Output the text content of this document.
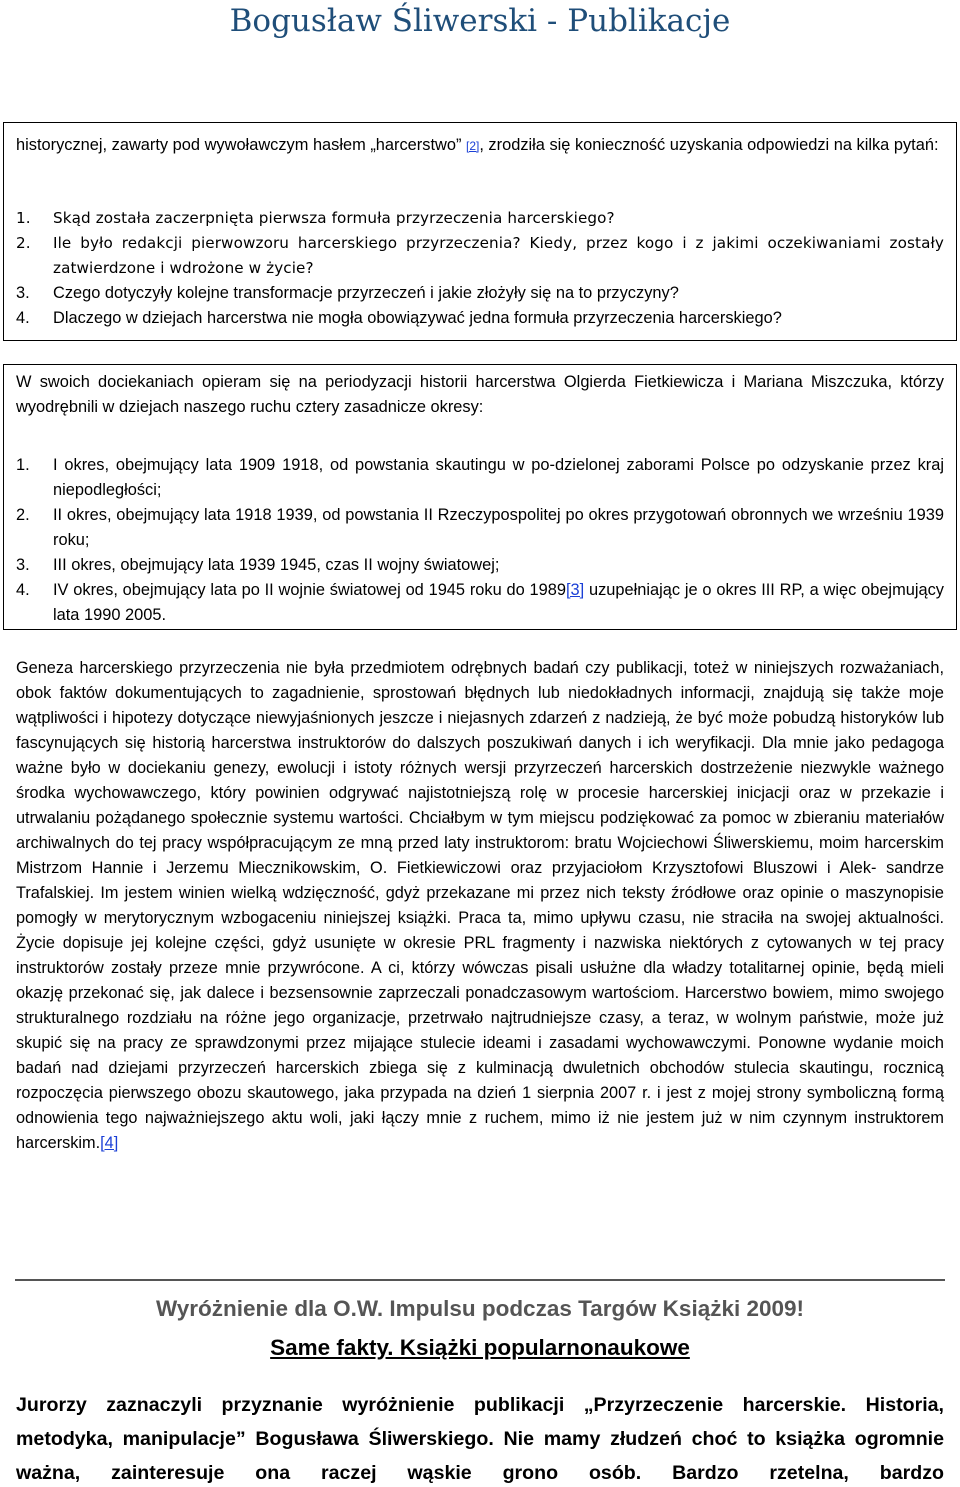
Bogusław Śliwerski - Publikacje
historycznej, zawarty pod wywoławczym hasłem „harcerstwo” [2], zrodziła się konieczność uzyskania odpowiedzi na kilka pytań:
1. Skąd została zaczerpnięta pierwsza formuła przyrzeczenia harcerskiego?
2. Ile było redakcji pierwowzoru harcerskiego przyrzeczenia? Kiedy, przez kogo i z jakimi oczekiwaniami zostały zatwierdzone i wdrożone w życie?
3. Czego dotyczyły kolejne transformacje przyrzeczeń i jakie złożyły się na to przyczyny?
4. Dlaczego w dziejach harcerstwa nie mogła obowiązywać jedna formuła przyrzeczenia harcerskiego?
W swoich dociekaniach opieram się na periodyzacji historii harcerstwa Olgierda Fietkiewicza i Mariana Miszczuka, którzy wyodrębnili w dziejach naszego ruchu cztery zasadnicze okresy:
1. I okres, obejmujący lata 1909 1918, od powstania skautingu w po-dzielonej zaborami Polsce po odzyskanie przez kraj niepodległości;
2. II okres, obejmujący lata 1918 1939, od powstania II Rzeczypospolitej po okres przygotowań obronnych we wrześniu 1939 roku;
3. III okres, obejmujący lata 1939 1945, czas II wojny światowej;
4. IV okres, obejmujący lata po II wojnie światowej od 1945 roku do 1989[3] uzupełniając je o okres III RP, a więc obejmujący lata 1990 2005.
Geneza harcerskiego przyrzeczenia nie była przedmiotem odrębnych badań czy publikacji, toteż w niniejszych rozważaniach, obok faktów dokumentujących to zagadnienie, sprostowań błędnych lub niedokładnych informacji, znajdują się także moje wątpliwości i hipotezy dotyczące niewyjaśnionych jeszcze i niejasnych zdarzeń z nadzieją, że być może pobudzą historyków lub fascynujących się historią harcerstwa instruktorów do dalszych poszukiwań danych i ich weryfikacji. Dla mnie jako pedagoga ważne było w dociekaniu genezy, ewolucji i istoty różnych wersji przyrzeczeń harcerskich dostrzeżenie niezwykle ważnego środka wychowawczego, który powinien odgrywać najistotniejszą rolę w procesie harcerskiej inicjacji oraz w przekazie i utrwalaniu pożądanego społecznie systemu wartości. Chciałbym w tym miejscu podziękować za pomoc w zbieraniu materiałów archiwalnych do tej pracy współpracującym ze mną przed laty instruktorom: bratu Wojciechowi Śliwerskiemu, moim harcerskim Mistrzom Hannie i Jerzemu Miecznikowskim, O. Fietkiewiczowi oraz przyjaciołom Krzysztofowi Bluszowi i Alek- sandrze Trafalskiej. Im jestem winien wielką wdzięczność, gdyż przekazane mi przez nich teksty źródłowe oraz opinie o maszynopisie pomogły w merytorycznym wzbogaceniu niniejszej książki. Praca ta, mimo upływu czasu, nie straciła na swojej aktualności. Życie dopisuje jej kolejne części, gdyż usunięte w okresie PRL fragmenty i nazwiska niektórych z cytowanych w tej pracy instruktorów zostały przeze mnie przywrócone. A ci, którzy wówczas pisali usłużne dla władzy totalitarnej opinie, będą mieli okazję przekonać się, jak dalece i bezsensownie zaprzeczali ponadczasowym wartościom. Harcerstwo bowiem, mimo swojego strukturalnego rozdziału na różne jego organizacje, przetrwało najtrudniejsze czasy, a teraz, w wolnym państwie, może już skupić się na pracy ze sprawdzonymi przez mijające stulecie ideami i zasadami wychowawczymi. Ponowne wydanie moich badań nad dziejami przyrzeczeń harcerskich zbiega się z kulminacją dwuletnich obchodów stulecia skautingu, rocznicą rozpoczęcia pierwszego obozu skautowego, jaka przypada na dzień 1 sierpnia 2007 r. i jest z mojej strony symboliczną formą odnowienia tego najważniejszego aktu woli, jaki łączy mnie z ruchem, mimo iż nie jestem już w nim czynnym instruktorem harcerskim.[4]
Wyróżnienie dla O.W. Impulsu podczas Targów Książki 2009!
Same fakty. Książki popularnonaukowe
Jurorzy zaznaczyli przyznanie wyróżnienie publikacji „Przyrzeczenie harcerskie. Historia, metodyka, manipulacje” Bogusława Śliwerskiego. Nie mamy złudzeń choć to książka ogromnie ważna, zainteresuje ona raczej wąskie grono osób. Bardzo rzetelna, bardzo
